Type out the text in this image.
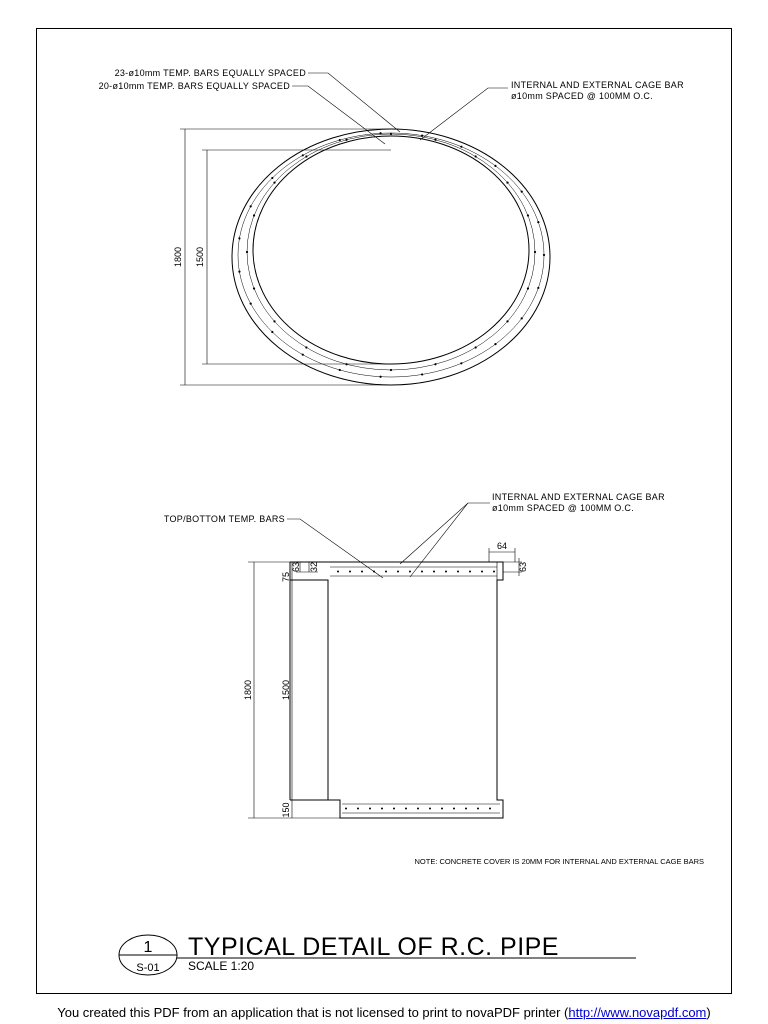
1800 1500
23-ø10mm TEMP. BARS EQUALLY SPACED
20-ø10mm TEMP. BARS EQUALLY SPACED	INTERNAL AND EXTERNAL CAGE BAR
ø10mm SPACED @ 100MM O.C.
64
63
1800	1500
75
63 32
150
INTERNAL AND EXTERNAL CAGE BAR
ø10mm SPACED @ 100MM O.C.
TOP/BOTTOM TEMP. BARS
NOTE: CONCRETE COVER IS 20MM FOR INTERNAL AND EXTERNAL CAGE BARS
1
S-01
TYPICAL DETAIL OF R.C. PIPE
SCALE 1:20
You created this PDF from an application that is not licensed to print to novaPDF printer (http://www.novapdf.com)
